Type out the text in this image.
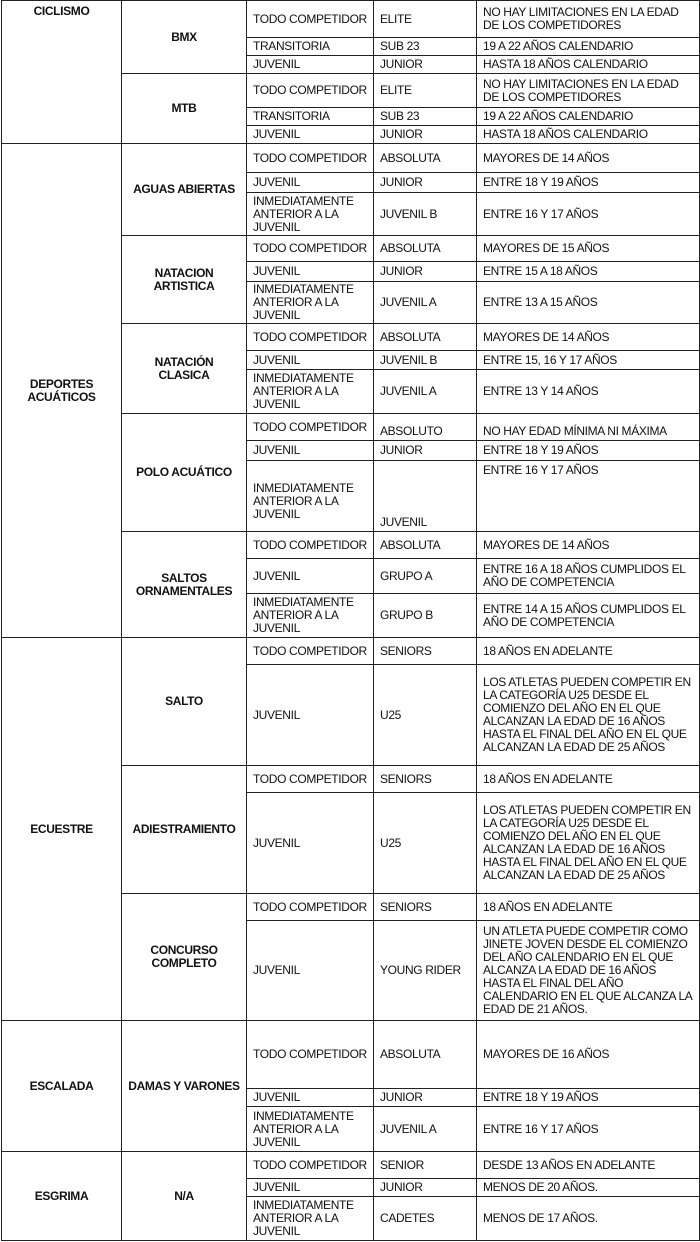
CICLISMO	BMX	TODO COMPETIDOR	ELITE	NO HAY LIMITACIONES EN LA EDAD DE LOS COMPETIDORES
		TRANSITORIA	SUB 23	19 A 22 AÑOS CALENDARIO
		JUVENIL	JUNIOR	HASTA 18 AÑOS CALENDARIO
	MTB	TODO COMPETIDOR	ELITE	NO HAY LIMITACIONES EN LA EDAD DE LOS COMPETIDORES
		TRANSITORIA	SUB 23	19 A 22 AÑOS CALENDARIO
		JUVENIL	JUNIOR	HASTA 18 AÑOS CALENDARIO
DEPORTES ACUÁTICOS	AGUAS ABIERTAS	TODO COMPETIDOR	ABSOLUTA	MAYORES DE 14 AÑOS
		JUVENIL	JUNIOR	ENTRE 18 Y 19 AÑOS
		INMEDIATAMENTE ANTERIOR A LA JUVENIL	JUVENIL B	ENTRE 16 Y 17 AÑOS
	NATACION ARTISTICA	TODO COMPETIDOR	ABSOLUTA	MAYORES DE 15 AÑOS
		JUVENIL	JUNIOR	ENTRE 15 A 18 AÑOS
		INMEDIATAMENTE ANTERIOR A LA JUVENIL	JUVENIL A	ENTRE 13 A 15 AÑOS
	NATACIÓN CLASICA	TODO COMPETIDOR	ABSOLUTA	MAYORES DE 14 AÑOS
		JUVENIL	JUVENIL B	ENTRE 15, 16 Y 17 AÑOS
		INMEDIATAMENTE ANTERIOR A LA JUVENIL	JUVENIL A	ENTRE 13 Y 14 AÑOS
	POLO ACUÁTICO	TODO COMPETIDOR	ABSOLUTO	NO HAY EDAD MÍNIMA NI MÁXIMA
		JUVENIL	JUNIOR	ENTRE 18 Y 19 AÑOS
		INMEDIATAMENTE ANTERIOR A LA JUVENIL	JUVENIL	ENTRE 16 Y 17 AÑOS
	SALTOS ORNAMENTALES	TODO COMPETIDOR	ABSOLUTA	MAYORES DE 14 AÑOS
		JUVENIL	GRUPO A	ENTRE 16 A 18 AÑOS CUMPLIDOS EL AÑO DE COMPETENCIA
		INMEDIATAMENTE ANTERIOR A LA JUVENIL	GRUPO B	ENTRE 14 A 15 AÑOS CUMPLIDOS EL AÑO DE COMPETENCIA
ECUESTRE	SALTO	TODO COMPETIDOR	SENIORS	18 AÑOS EN ADELANTE
		JUVENIL	U25	LOS ATLETAS PUEDEN COMPETIR EN LA CATEGORÍA U25 DESDE EL COMIENZO DEL AÑO EN EL QUE ALCANZAN LA EDAD DE 16 AÑOS HASTA EL FINAL DEL AÑO EN EL QUE ALCANZAN LA EDAD DE 25 AÑOS
	ADIESTRAMIENTO	TODO COMPETIDOR	SENIORS	18 AÑOS EN ADELANTE
		JUVENIL	U25	LOS ATLETAS PUEDEN COMPETIR EN LA CATEGORÍA U25 DESDE EL COMIENZO DEL AÑO EN EL QUE ALCANZAN LA EDAD DE 16 AÑOS HASTA EL FINAL DEL AÑO EN EL QUE ALCANZAN LA EDAD DE 25 AÑOS
	CONCURSO COMPLETO	TODO COMPETIDOR	SENIORS	18 AÑOS EN ADELANTE
		JUVENIL	YOUNG RIDER	UN ATLETA PUEDE COMPETIR COMO JINETE JOVEN DESDE EL COMIENZO DEL AÑO CALENDARIO EN EL QUE ALCANZA LA EDAD DE 16 AÑOS HASTA EL FINAL DEL AÑO CALENDARIO EN EL QUE ALCANZA LA EDAD DE 21 AÑOS.
ESCALADA	DAMAS Y VARONES	TODO COMPETIDOR	ABSOLUTA	MAYORES DE 16 AÑOS
		JUVENIL	JUNIOR	ENTRE 18 Y 19 AÑOS
		INMEDIATAMENTE ANTERIOR A LA JUVENIL	JUVENIL A	ENTRE 16 Y 17 AÑOS
ESGRIMA	N/A	TODO COMPETIDOR	SENIOR	DESDE 13 AÑOS EN ADELANTE
		JUVENIL	JUNIOR	MENOS DE 20 AÑOS.
		INMEDIATAMENTE ANTERIOR A LA JUVENIL	CADETES	MENOS DE 17 AÑOS.
